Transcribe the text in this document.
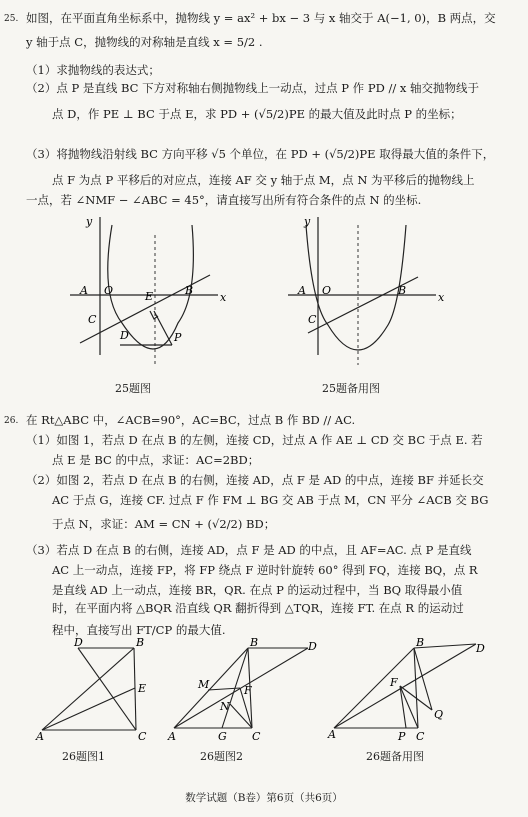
25. 如图，在平面直角坐标系中，抛物线 y = ax² + bx − 3 与 x 轴交于 A(−1, 0)，B 两点，交
y 轴于点 C，抛物线的对称轴是直线 x = 5/2 .
（1）求抛物线的表达式；
（2）点 P 是直线 BC 下方对称轴右侧抛物线上一动点，过点 P 作 PD // x 轴交抛物线于
点 D，作 PE ⊥ BC 于点 E，求 PD + (√5/2)PE 的最大值及此时点 P 的坐标；
（3）将抛物线沿射线 BC 方向平移 √5 个单位，在 PD + (√5/2)PE 取得最大值的条件下，
点 F 为点 P 平移后的对应点，连接 AF 交 y 轴于点 M，点 N 为平移后的抛物线上
一点，若 ∠NMF − ∠ABC = 45°，请直接写出所有符合条件的点 N 的坐标.
y
x
A O	E	B
C
D	P
25题图
y
x
A O	B
C
25题备用图
26. 在 Rt△ABC 中，∠ACB=90°，AC=BC，过点 B 作 BD // AC.
（1）如图 1，若点 D 在点 B 的左侧，连接 CD，过点 A 作 AE ⊥ CD 交 BC 于点 E. 若
点 E 是 BC 的中点，求证：AC=2BD；
（2）如图 2，若点 D 在点 B 的右侧，连接 AD，点 F 是 AD 的中点，连接 BF 并延长交
AC 于点 G，连接 CF. 过点 F 作 FM ⊥ BG 交 AB 于点 M，CN 平分 ∠ACB 交 BG
于点 N，求证：AM = CN + (√2/2) BD；
（3）若点 D 在点 B 的右侧，连接 AD，点 F 是 AD 的中点，且 AF=AC. 点 P 是直线
AC 上一动点，连接 FP，将 FP 绕点 F 逆时针旋转 60° 得到 FQ，连接 BQ，点 R
是直线 AD 上一动点，连接 BR，QR. 在点 P 的运动过程中，当 BQ 取得最小值
时，在平面内将 △BQR 沿直线 QR 翻折得到 △TQR，连接 FT. 在点 R 的运动过
程中，直接写出 FT/CP 的最大值.
D	B
E
A	C
26题图1
B	D
M	F
N
A	G C
26题图2
B	D
F
Q
A	P C
26题备用图
数学试题（B卷）第6页（共6页）
